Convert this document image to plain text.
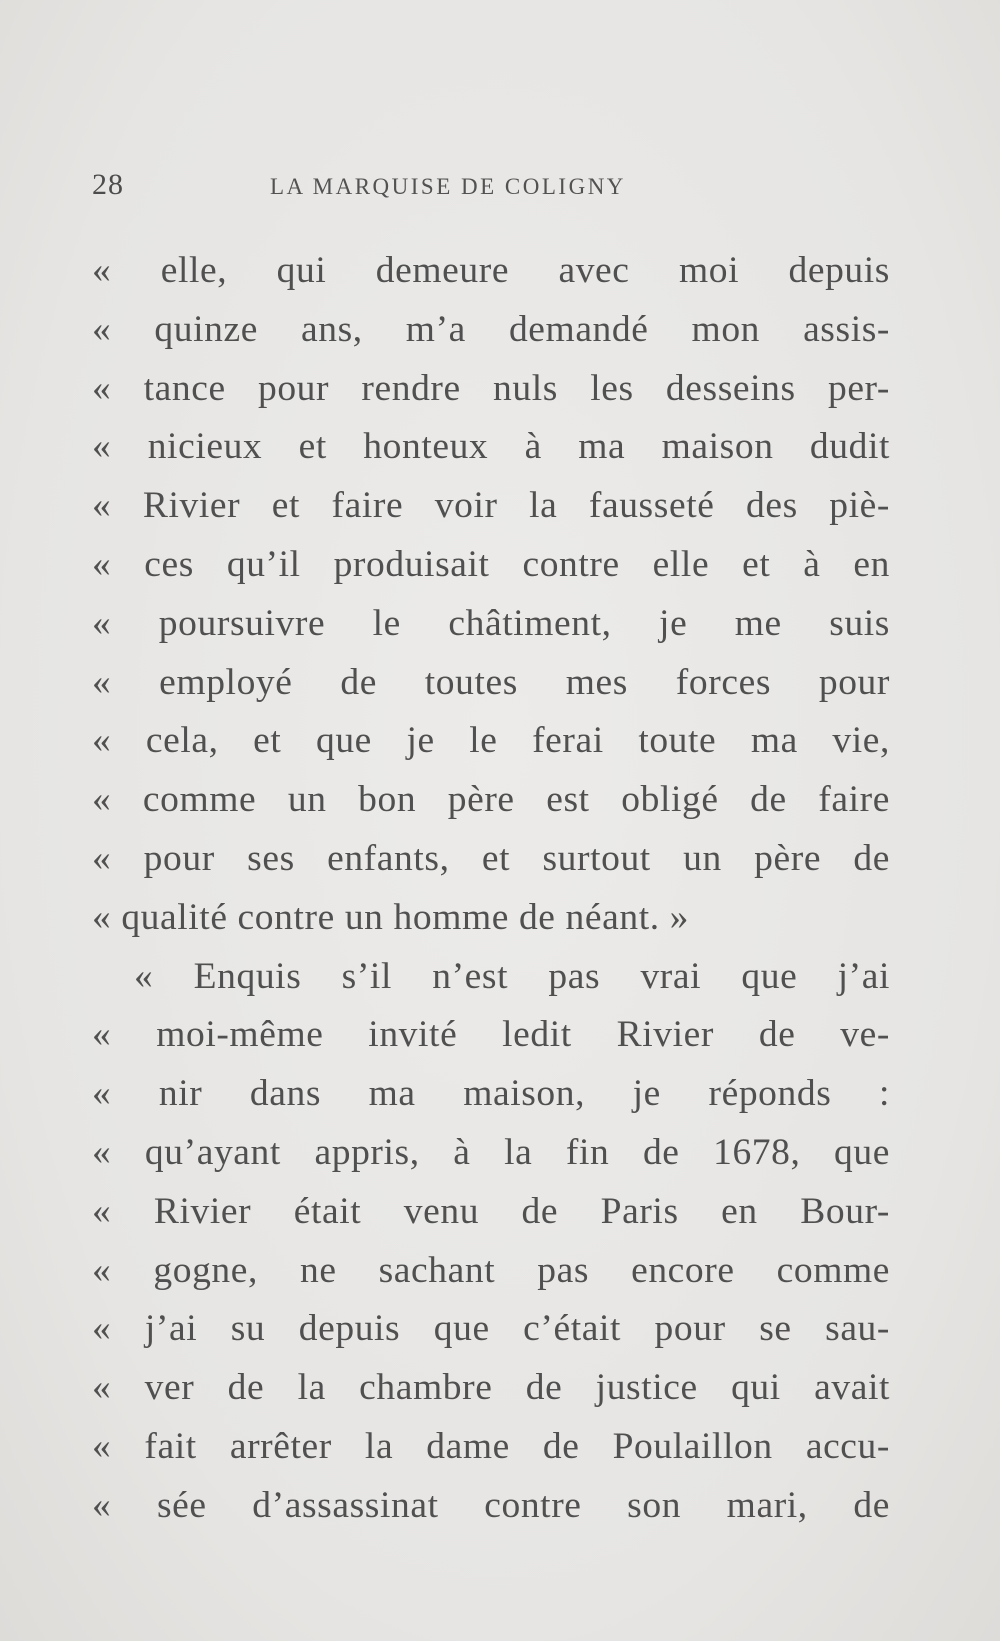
28	LA MARQUISE DE COLIGNY
« elle, qui demeure avec moi depuis
« quinze ans, m’a demandé mon assis-
« tance pour rendre nuls les desseins per-
« nicieux et honteux à ma maison dudit
« Rivier et faire voir la fausseté des piè-
« ces qu’il produisait contre elle et à en
« poursuivre le châtiment, je me suis
« employé de toutes mes forces pour
« cela, et que je le ferai toute ma vie,
« comme un bon père est obligé de faire
« pour ses enfants, et surtout un père de
« qualité contre un homme de néant. »
« Enquis s’il n’est pas vrai que j’ai
« moi-même invité ledit Rivier de ve-
« nir dans ma maison, je réponds :
« qu’ayant appris, à la fin de 1678, que
« Rivier était venu de Paris en Bour-
« gogne, ne sachant pas encore comme
« j’ai su depuis que c’était pour se sau-
« ver de la chambre de justice qui avait
« fait arrêter la dame de Poulaillon accu-
« sée d’assassinat contre son mari, de
